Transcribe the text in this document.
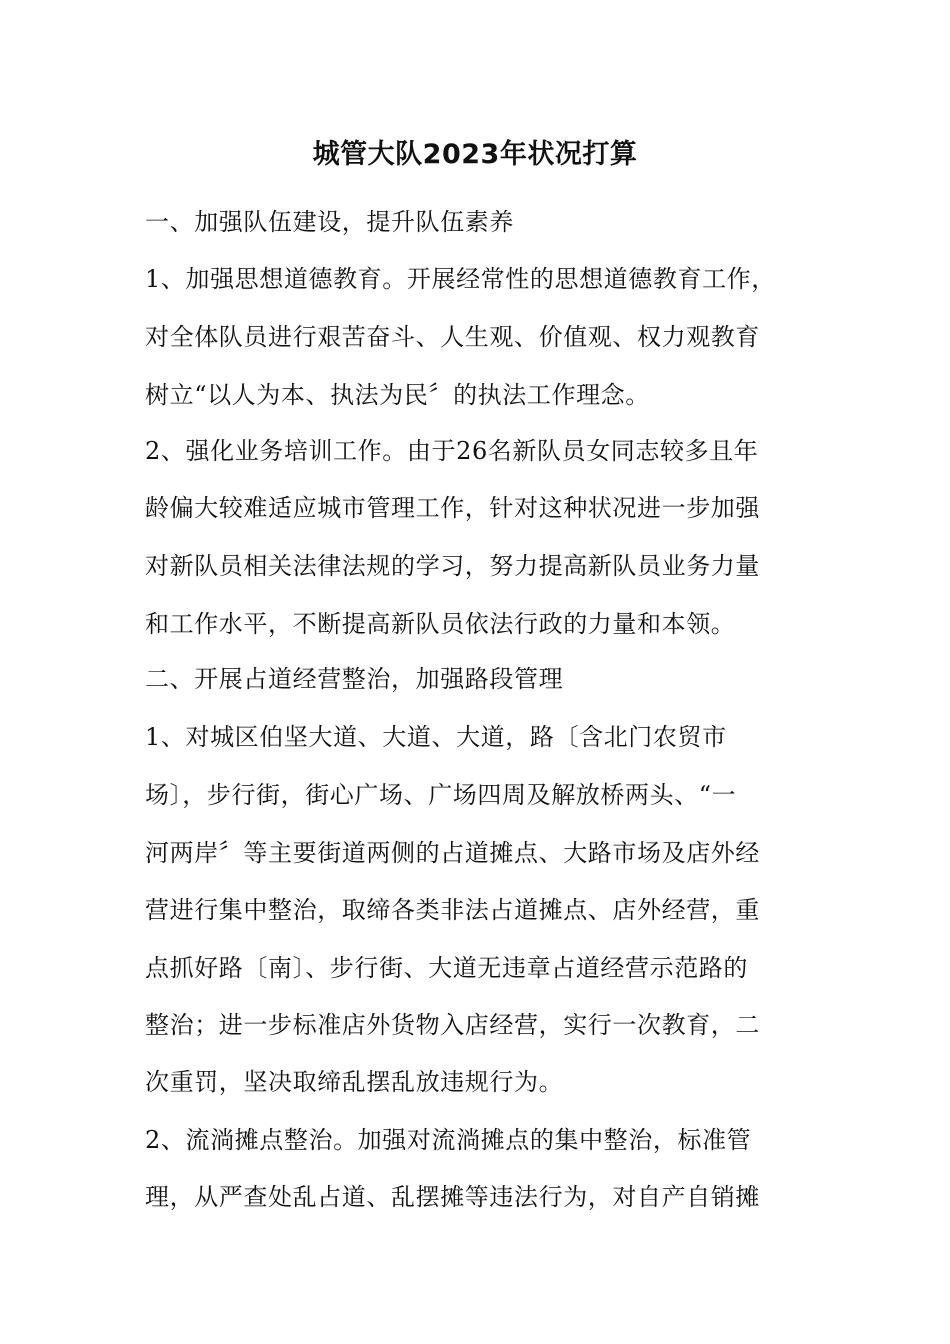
城管大队2023年状况打算
一、加强队伍建设，提升队伍素养
1、加强思想道德教育。开展经常性的思想道德教育工作，
对全体队员进行艰苦奋斗、人生观、价值观、权力观教育
树立“以人为本、执法为民〞的执法工作理念。
2、强化业务培训工作。由于26名新队员女同志较多且年
龄偏大较难适应城市管理工作，针对这种状况进一步加强
对新队员相关法律法规的学习，努力提高新队员业务力量
和工作水平，不断提高新队员依法行政的力量和本领。
二、开展占道经营整治，加强路段管理
1、对城区伯坚大道、大道、大道，路〔含北门农贸市
场〕，步行街，街心广场、广场四周及解放桥两头、“一
河两岸〞等主要街道两侧的占道摊点、大路市场及店外经
营进行集中整治，取缔各类非法占道摊点、店外经营，重
点抓好路〔南〕、步行街、大道无违章占道经营示范路的
整治；进一步标准店外货物入店经营，实行一次教育，二
次重罚，坚决取缔乱摆乱放违规行为。
2、流淌摊点整治。加强对流淌摊点的集中整治，标准管
理，从严查处乱占道、乱摆摊等违法行为，对自产自销摊
